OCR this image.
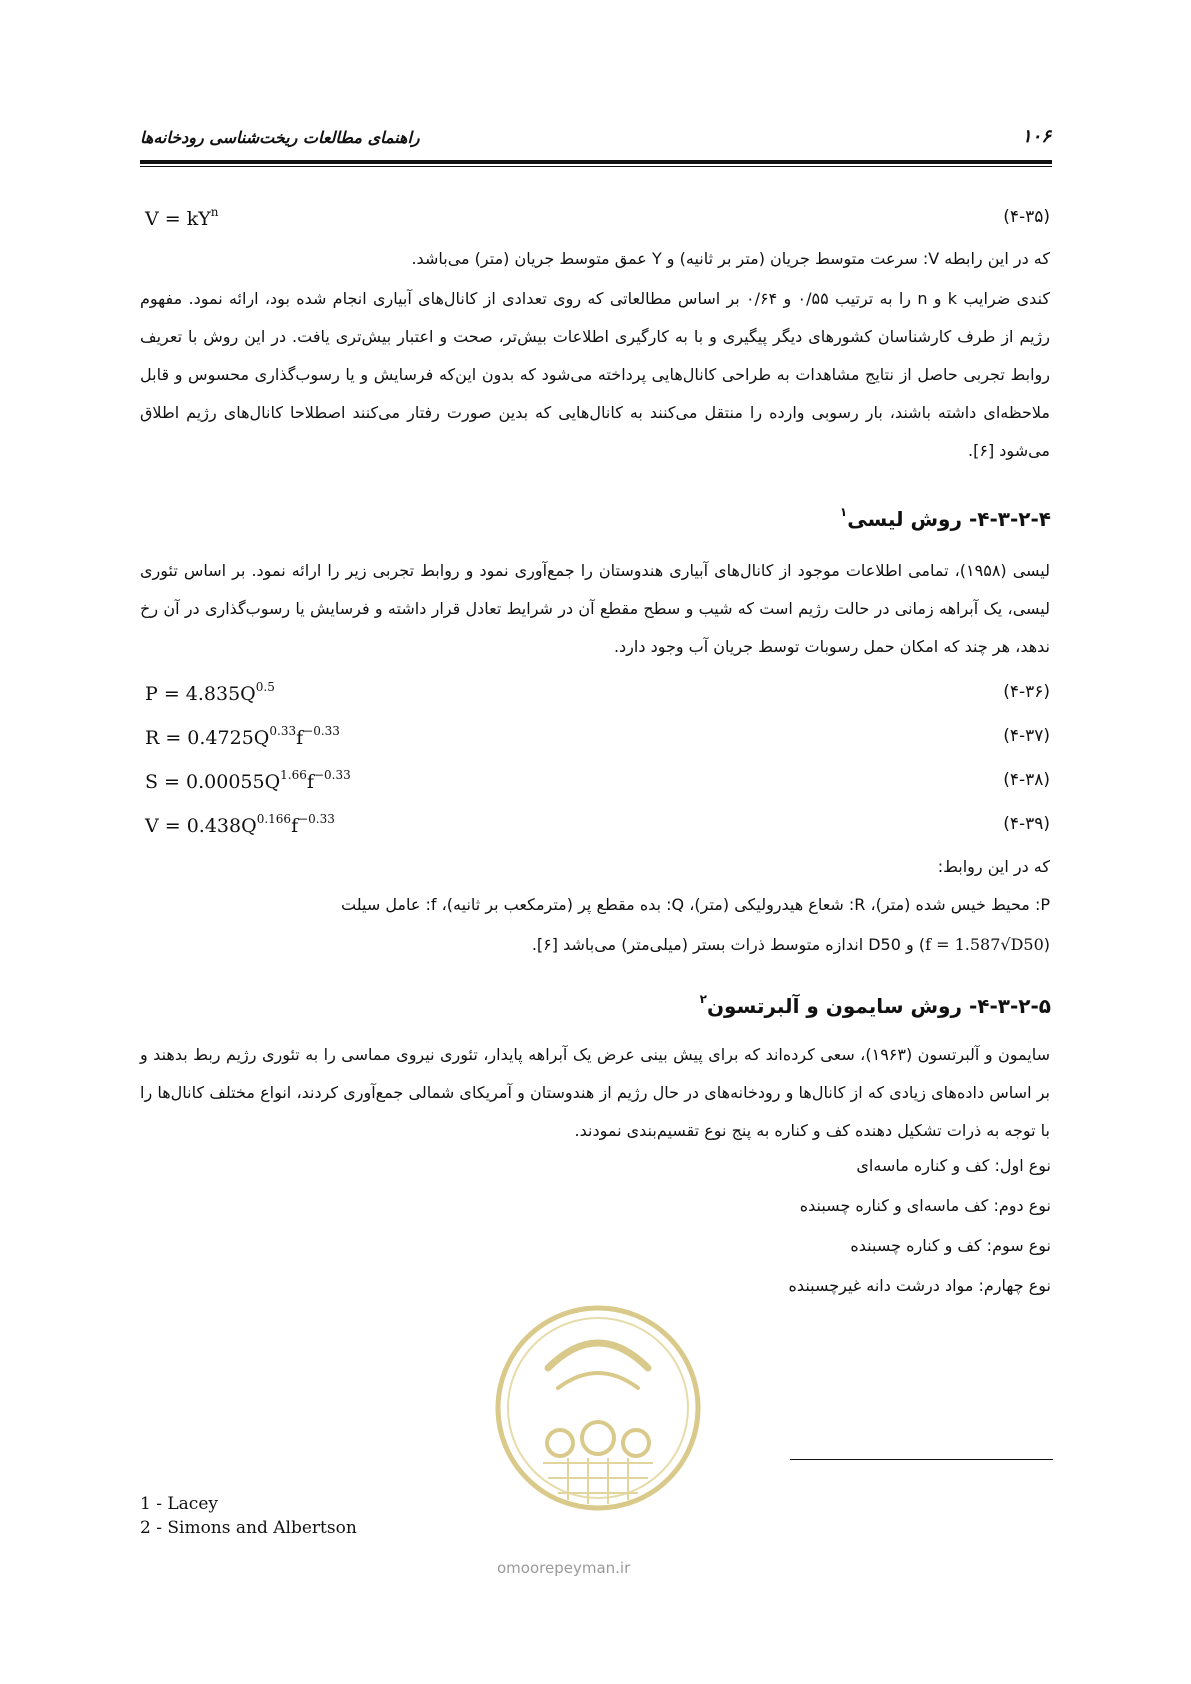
راهنمای مطالعات ریخت‌شناسی رودخانه‌ها	۱۰۶
$V = kY^n$	(۴-۳۵)
که در این رابطه V: سرعت متوسط جریان (متر بر ثانیه) و Y عمق متوسط جریان (متر) می‌باشد.
کندی ضرایب k و n را به ترتیب ۰/۵۵ و ۰/۶۴ بر اساس مطالعاتی که روی تعدادی از کانال‌های آبیاری انجام شده بود، ارائه نمود. مفهوم رژیم از طرف کارشناسان کشورهای دیگر پیگیری و با به کارگیری اطلاعات بیش‌تر، صحت و اعتبار بیش‌تری یافت. در این روش با تعریف روابط تجربی حاصل از نتایج مشاهدات به طراحی کانال‌هایی پرداخته می‌شود که بدون این‌که فرسایش و یا رسوب‌گذاری محسوس و قابل ملاحظه‌ای داشته باشند، بار رسوبی وارده را منتقل می‌کنند به کانال‌هایی که بدین صورت رفتار می‌کنند اصطلاحا کانال‌های رژیم اطلاق می‌شود [۶].
۴-۳-۲-۴- روش لیسی$^۱$
لیسی (۱۹۵۸)، تمامی اطلاعات موجود از کانال‌های آبیاری هندوستان را جمع‌آوری نمود و روابط تجربی زیر را ارائه نمود. بر اساس تئوری لیسی، یک آبراهه زمانی در حالت رژیم است که شیب و سطح مقطع آن در شرایط تعادل قرار داشته و فرسایش یا رسوب‌گذاری در آن رخ ندهد، هر چند که امکان حمل رسوبات توسط جریان آب وجود دارد.
$P = 4.835Q^{0.5}$	(۴-۳۶)
$R = 0.4725Q^{0.33}f^{-0.33}$	(۴-۳۷)
$S = 0.00055Q^{1.66}f^{-0.33}$	(۴-۳۸)
$V = 0.438Q^{0.166}f^{-0.33}$	(۴-۳۹)
که در این روابط:
P: محیط خیس شده (متر)، R: شعاع هیدرولیکی (متر)، Q: بده مقطع پر (مترمکعب بر ثانیه)، f: عامل سیلت
(f = 1.587√D50) و D50 اندازه متوسط ذرات بستر (میلی‌متر) می‌باشد [۶].
۴-۳-۲-۵- روش سایمون و آلبرتسون$^۲$
سایمون و آلبرتسون (۱۹۶۳)، سعی کرده‌اند که برای پیش بینی عرض یک آبراهه پایدار، تئوری نیروی مماسی را به تئوری رژیم ربط بدهند و بر اساس داده‌های زیادی که از کانال‌ها و رودخانه‌های در حال رژیم از هندوستان و آمریکای شمالی جمع‌آوری کردند، انواع مختلف کانال‌ها را با توجه به ذرات تشکیل دهنده کف و کناره به پنج نوع تقسیم‌بندی نمودند.
نوع اول: کف و کناره ماسه‌ای
نوع دوم: کف ماسه‌ای و کناره چسبنده
نوع سوم: کف و کناره چسبنده
نوع چهارم: مواد درشت دانه غیرچسبنده
omoorepeyman.ir
1 - Lacey
2 - Simons and Albertson
